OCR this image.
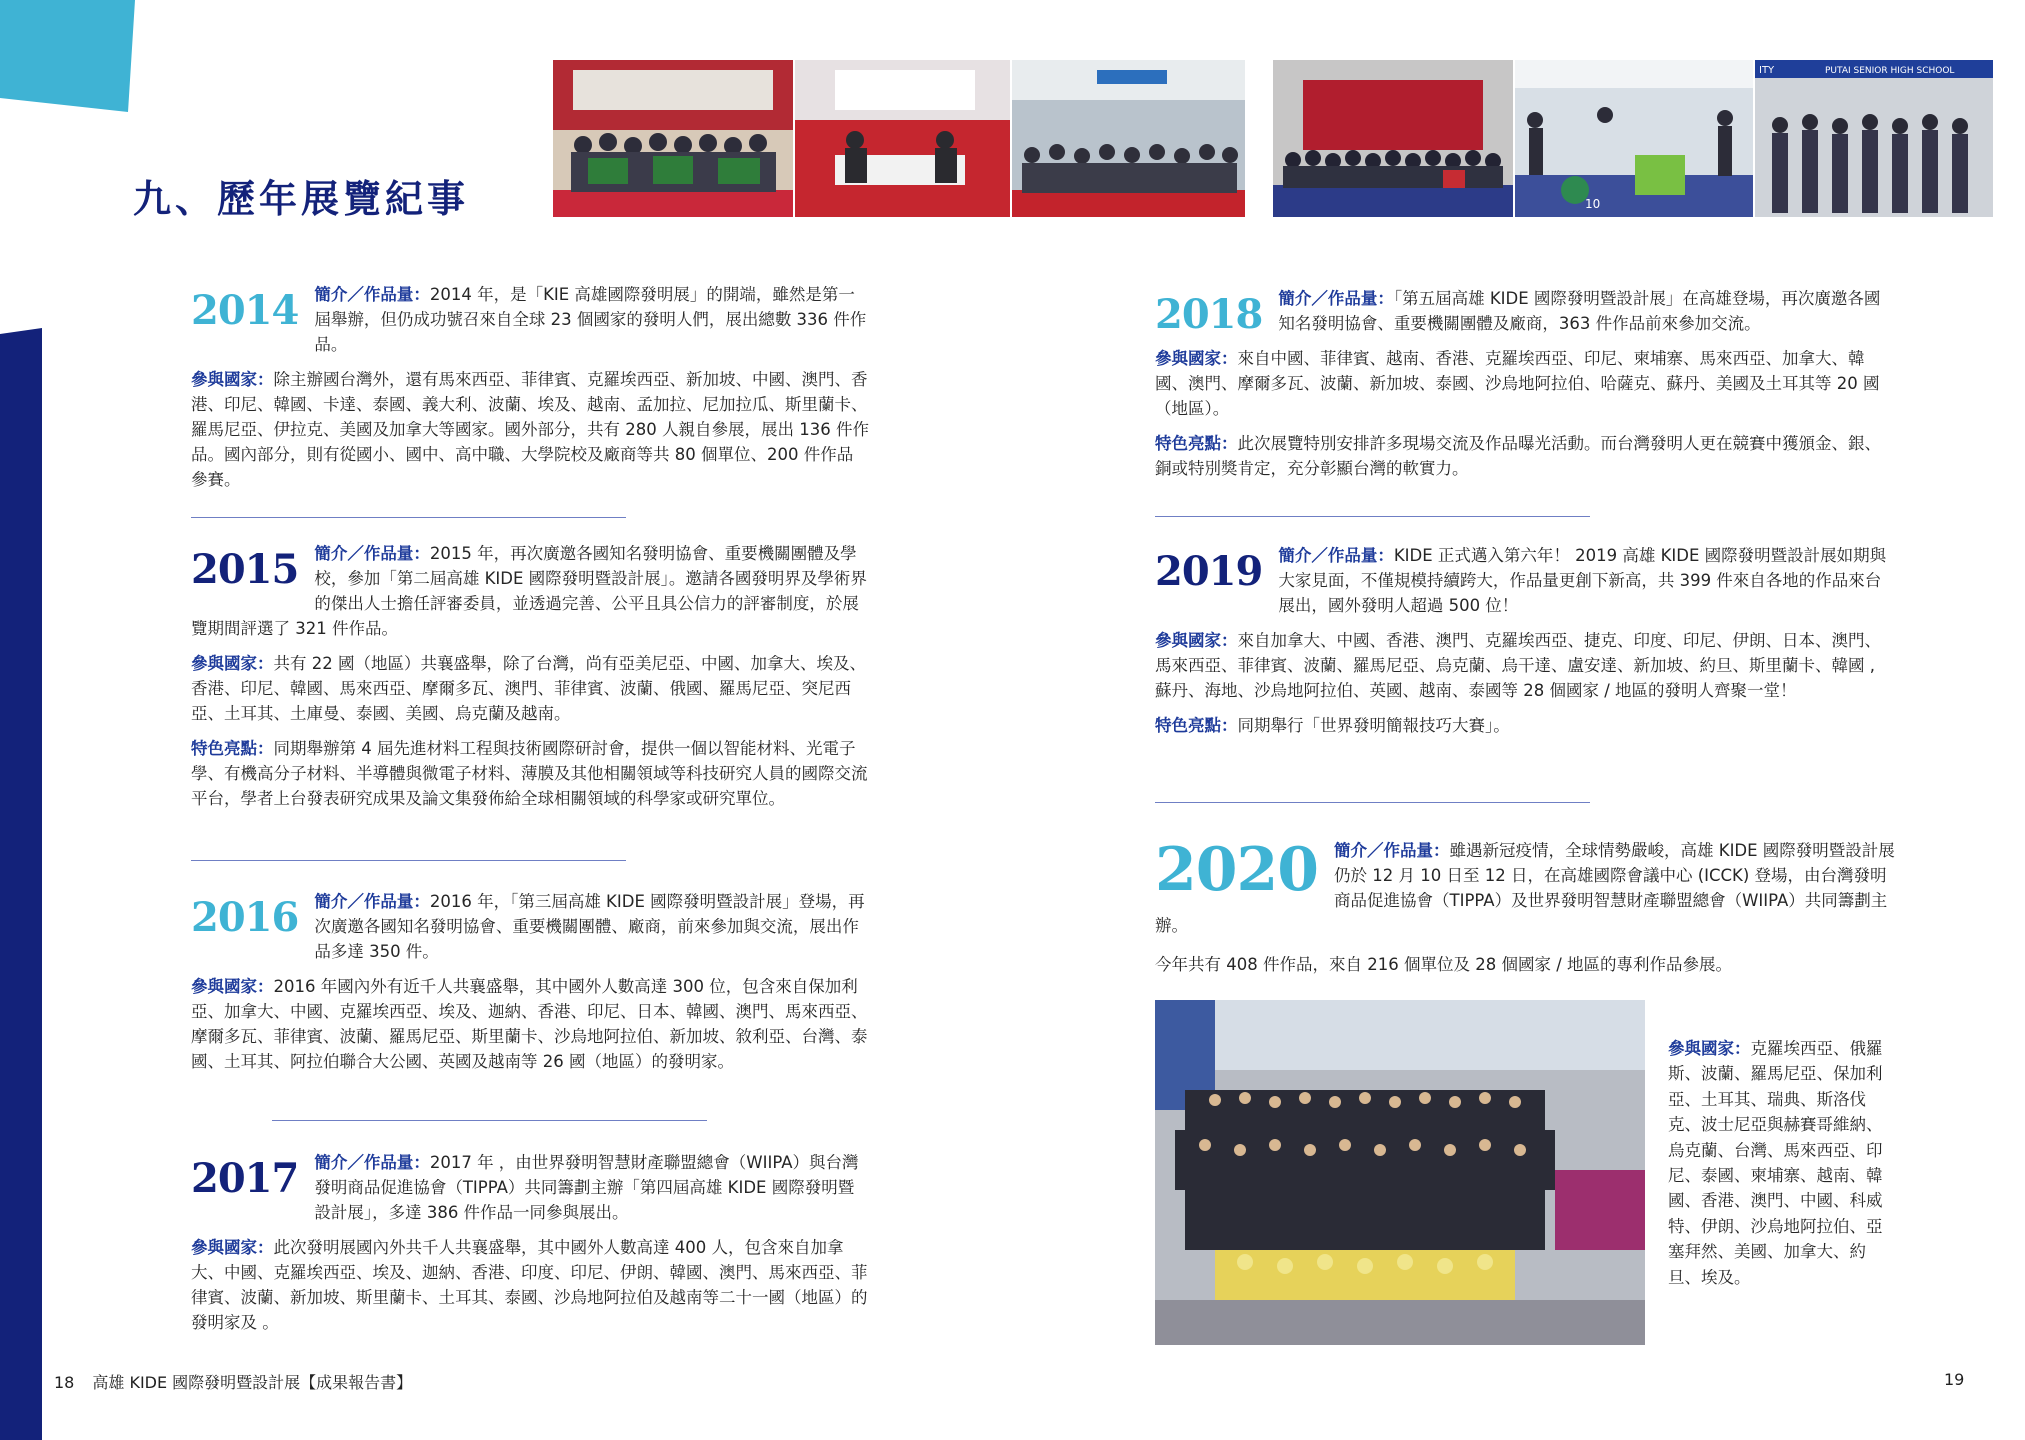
九、歷年展覽紀事	10
ITY	PUTAI SENIOR HIGH SCHOOL

2014 簡介／作品量：2014 年，是「KIE 高雄國際發明展」的開端，雖然是第一屆舉辦，但仍成功號召來自全球 23 個國家的發明人們，展出總數 336 件作品。

參與國家：除主辦國台灣外，還有馬來西亞、菲律賓、克羅埃西亞、新加坡、中國、澳門、香港、印尼、韓國、卡達、泰國、義大利、波蘭、埃及、越南、孟加拉、尼加拉瓜、斯里蘭卡、羅馬尼亞、伊拉克、美國及加拿大等國家。國外部分，共有 280 人親自參展，展出 136 件作品。國內部分，則有從國小、國中、高中職、大學院校及廠商等共 80 個單位、200 件作品參賽。

2015 簡介／作品量：2015 年，再次廣邀各國知名發明協會、重要機關團體及學校，參加「第二屆高雄 KIDE 國際發明暨設計展」。邀請各國發明界及學術界的傑出人士擔任評審委員，並透過完善、公平且具公信力的評審制度，於展覽期間評選了 321 件作品。

參與國家：共有 22 國（地區）共襄盛舉，除了台灣，尚有亞美尼亞、中國、加拿大、埃及、香港、印尼、韓國、馬來西亞、摩爾多瓦、澳門、菲律賓、波蘭、俄國、羅馬尼亞、突尼西亞、土耳其、土庫曼、泰國、美國、烏克蘭及越南。

特色亮點：同期舉辦第 4 屆先進材料工程與技術國際研討會，提供一個以智能材料、光電子學、有機高分子材料、半導體與微電子材料、薄膜及其他相關領域等科技研究人員的國際交流平台，學者上台發表研究成果及論文集發佈給全球相關領域的科學家或研究單位。

2016 簡介／作品量：2016 年，「第三屆高雄 KIDE 國際發明暨設計展」登場，再次廣邀各國知名發明協會、重要機關團體、廠商，前來參加與交流，展出作品多達 350 件。

參與國家：2016 年國內外有近千人共襄盛舉，其中國外人數高達 300 位，包含來自保加利亞、加拿大、中國、克羅埃西亞、埃及、迦納、香港、印尼、日本、韓國、澳門、馬來西亞、摩爾多瓦、菲律賓、波蘭、羅馬尼亞、斯里蘭卡、沙烏地阿拉伯、新加坡、敘利亞、台灣、泰國、土耳其、阿拉伯聯合大公國、英國及越南等 26 國（地區）的發明家。

2017 簡介／作品量：2017 年 ，由世界發明智慧財產聯盟總會（WIIPA）與台灣發明商品促進協會（TIPPA）共同籌劃主辦「第四屆高雄 KIDE 國際發明暨設計展」，多達 386 件作品一同參與展出。

參與國家：此次發明展國內外共千人共襄盛舉，其中國外人數高達 400 人，包含來自加拿大、中國、克羅埃西亞、埃及、迦納、香港、印度、印尼、伊朗、韓國、澳門、馬來西亞、菲律賓、波蘭、新加坡、斯里蘭卡、土耳其、泰國、沙烏地阿拉伯及越南等二十一國（地區）的發明家及 。

2018 簡介／作品量：「第五屆高雄 KIDE 國際發明暨設計展」在高雄登場，再次廣邀各國知名發明協會、重要機關團體及廠商，363 件作品前來參加交流。

參與國家：來自中國、菲律賓、越南、香港、克羅埃西亞、印尼、柬埔寨、馬來西亞、加拿大、韓國、澳門、摩爾多瓦、波蘭、新加坡、泰國、沙烏地阿拉伯、哈薩克、蘇丹、美國及土耳其等 20 國（地區）。

特色亮點：此次展覽特別安排許多現場交流及作品曝光活動。而台灣發明人更在競賽中獲頒金、銀、銅或特別獎肯定，充分彰顯台灣的軟實力。

2019 簡介／作品量：KIDE 正式邁入第六年！ 2019 高雄 KIDE 國際發明暨設計展如期與大家見面，不僅規模持續跨大，作品量更創下新高，共 399 件來自各地的作品來台展出，國外發明人超過 500 位！

參與國家：來自加拿大、中國、香港、澳門、克羅埃西亞、捷克、印度、印尼、伊朗、日本、澳門、馬來西亞、菲律賓、波蘭、羅馬尼亞、烏克蘭、烏干達、盧安達、新加坡、約旦、斯里蘭卡、韓國 , 蘇丹、海地、沙烏地阿拉伯、英國、越南、泰國等 28 個國家 / 地區的發明人齊聚一堂！

特色亮點：同期舉行「世界發明簡報技巧大賽」。

2020 簡介／作品量：雖遇新冠疫情，全球情勢嚴峻，高雄 KIDE 國際發明暨設計展仍於 12 月 10 日至 12 日，在高雄國際會議中心 (ICCK) 登場，由台灣發明商品促進協會（TIPPA）及世界發明智慧財產聯盟總會（WIIPA）共同籌劃主辦。

今年共有 408 件作品，來自 216 個單位及 28 個國家 / 地區的專利作品參展。

參與國家：克羅埃西亞、俄羅斯、波蘭、羅馬尼亞、保加利亞、土耳其、瑞典、斯洛伐克、波士尼亞與赫賽哥維納、烏克蘭、台灣、馬來西亞、印尼、泰國、柬埔寨、越南、韓國、香港、澳門、中國、科威特、伊朗、沙烏地阿拉伯、亞塞拜然、美國、加拿大、約旦、埃及。
18 高雄 KIDE 國際發明暨設計展【成果報告書】	19
